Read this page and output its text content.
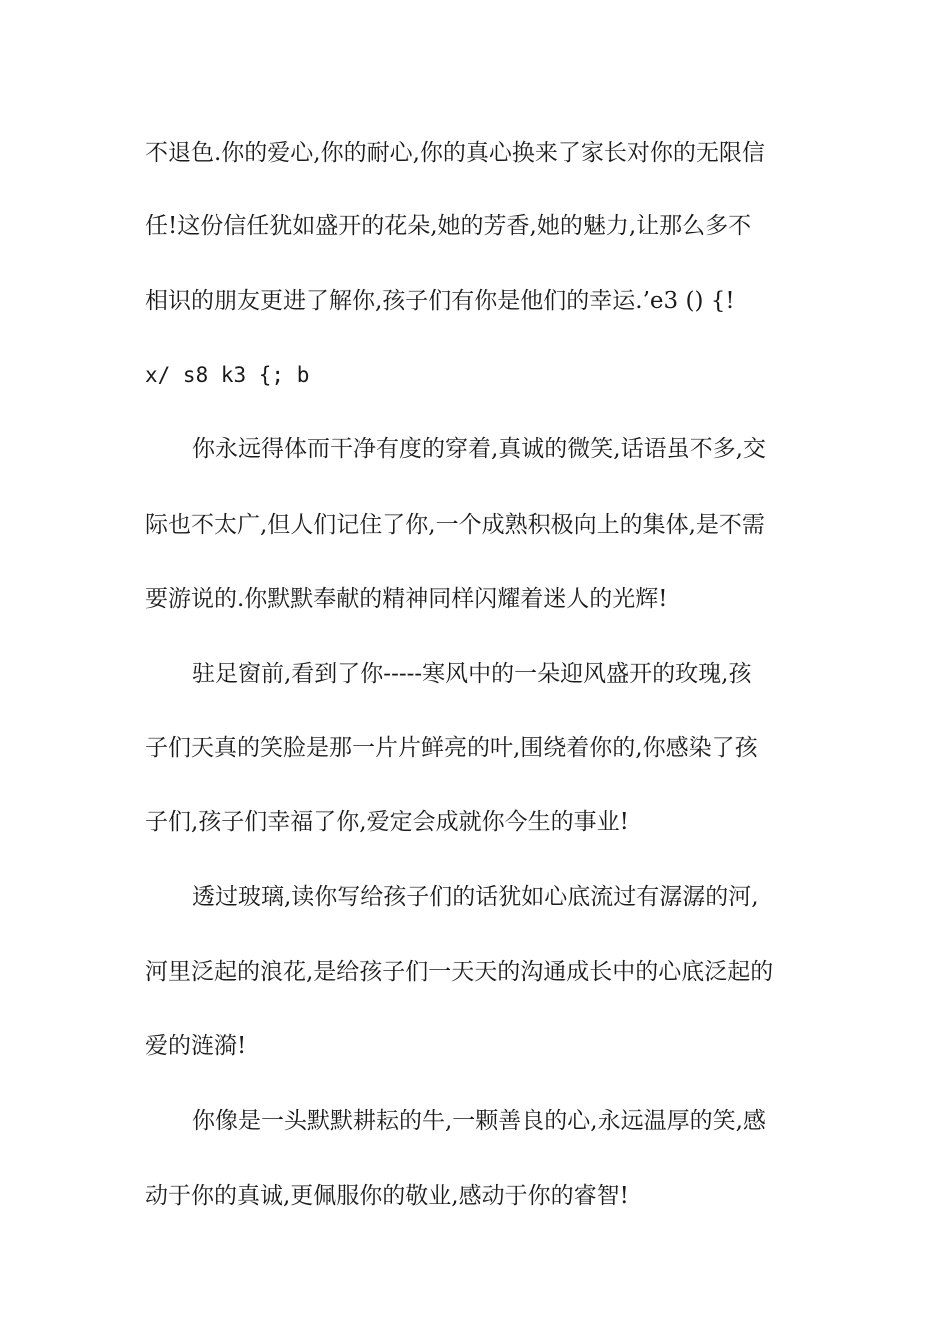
不退色.你的爱心,你的耐心,你的真心换来了家长对你的无限信
任!这份信任犹如盛开的花朵,她的芳香,她的魅力,让那么多不
相识的朋友更进了解你,孩子们有你是他们的幸运.’e3 () {!
x/ s8 k3 {; b
你永远得体而干净有度的穿着,真诚的微笑,话语虽不多,交
际也不太广,但人们记住了你,一个成熟积极向上的集体,是不需
要游说的.你默默奉献的精神同样闪耀着迷人的光辉!
驻足窗前,看到了你-----寒风中的一朵迎风盛开的玫瑰,孩
子们天真的笑脸是那一片片鲜亮的叶,围绕着你的,你感染了孩
子们,孩子们幸福了你,爱定会成就你今生的事业!
透过玻璃,读你写给孩子们的话犹如心底流过有潺潺的河,
河里泛起的浪花,是给孩子们一天天的沟通成长中的心底泛起的
爱的涟漪!
你像是一头默默耕耘的牛,一颗善良的心,永远温厚的笑,感
动于你的真诚,更佩服你的敬业,感动于你的睿智!
